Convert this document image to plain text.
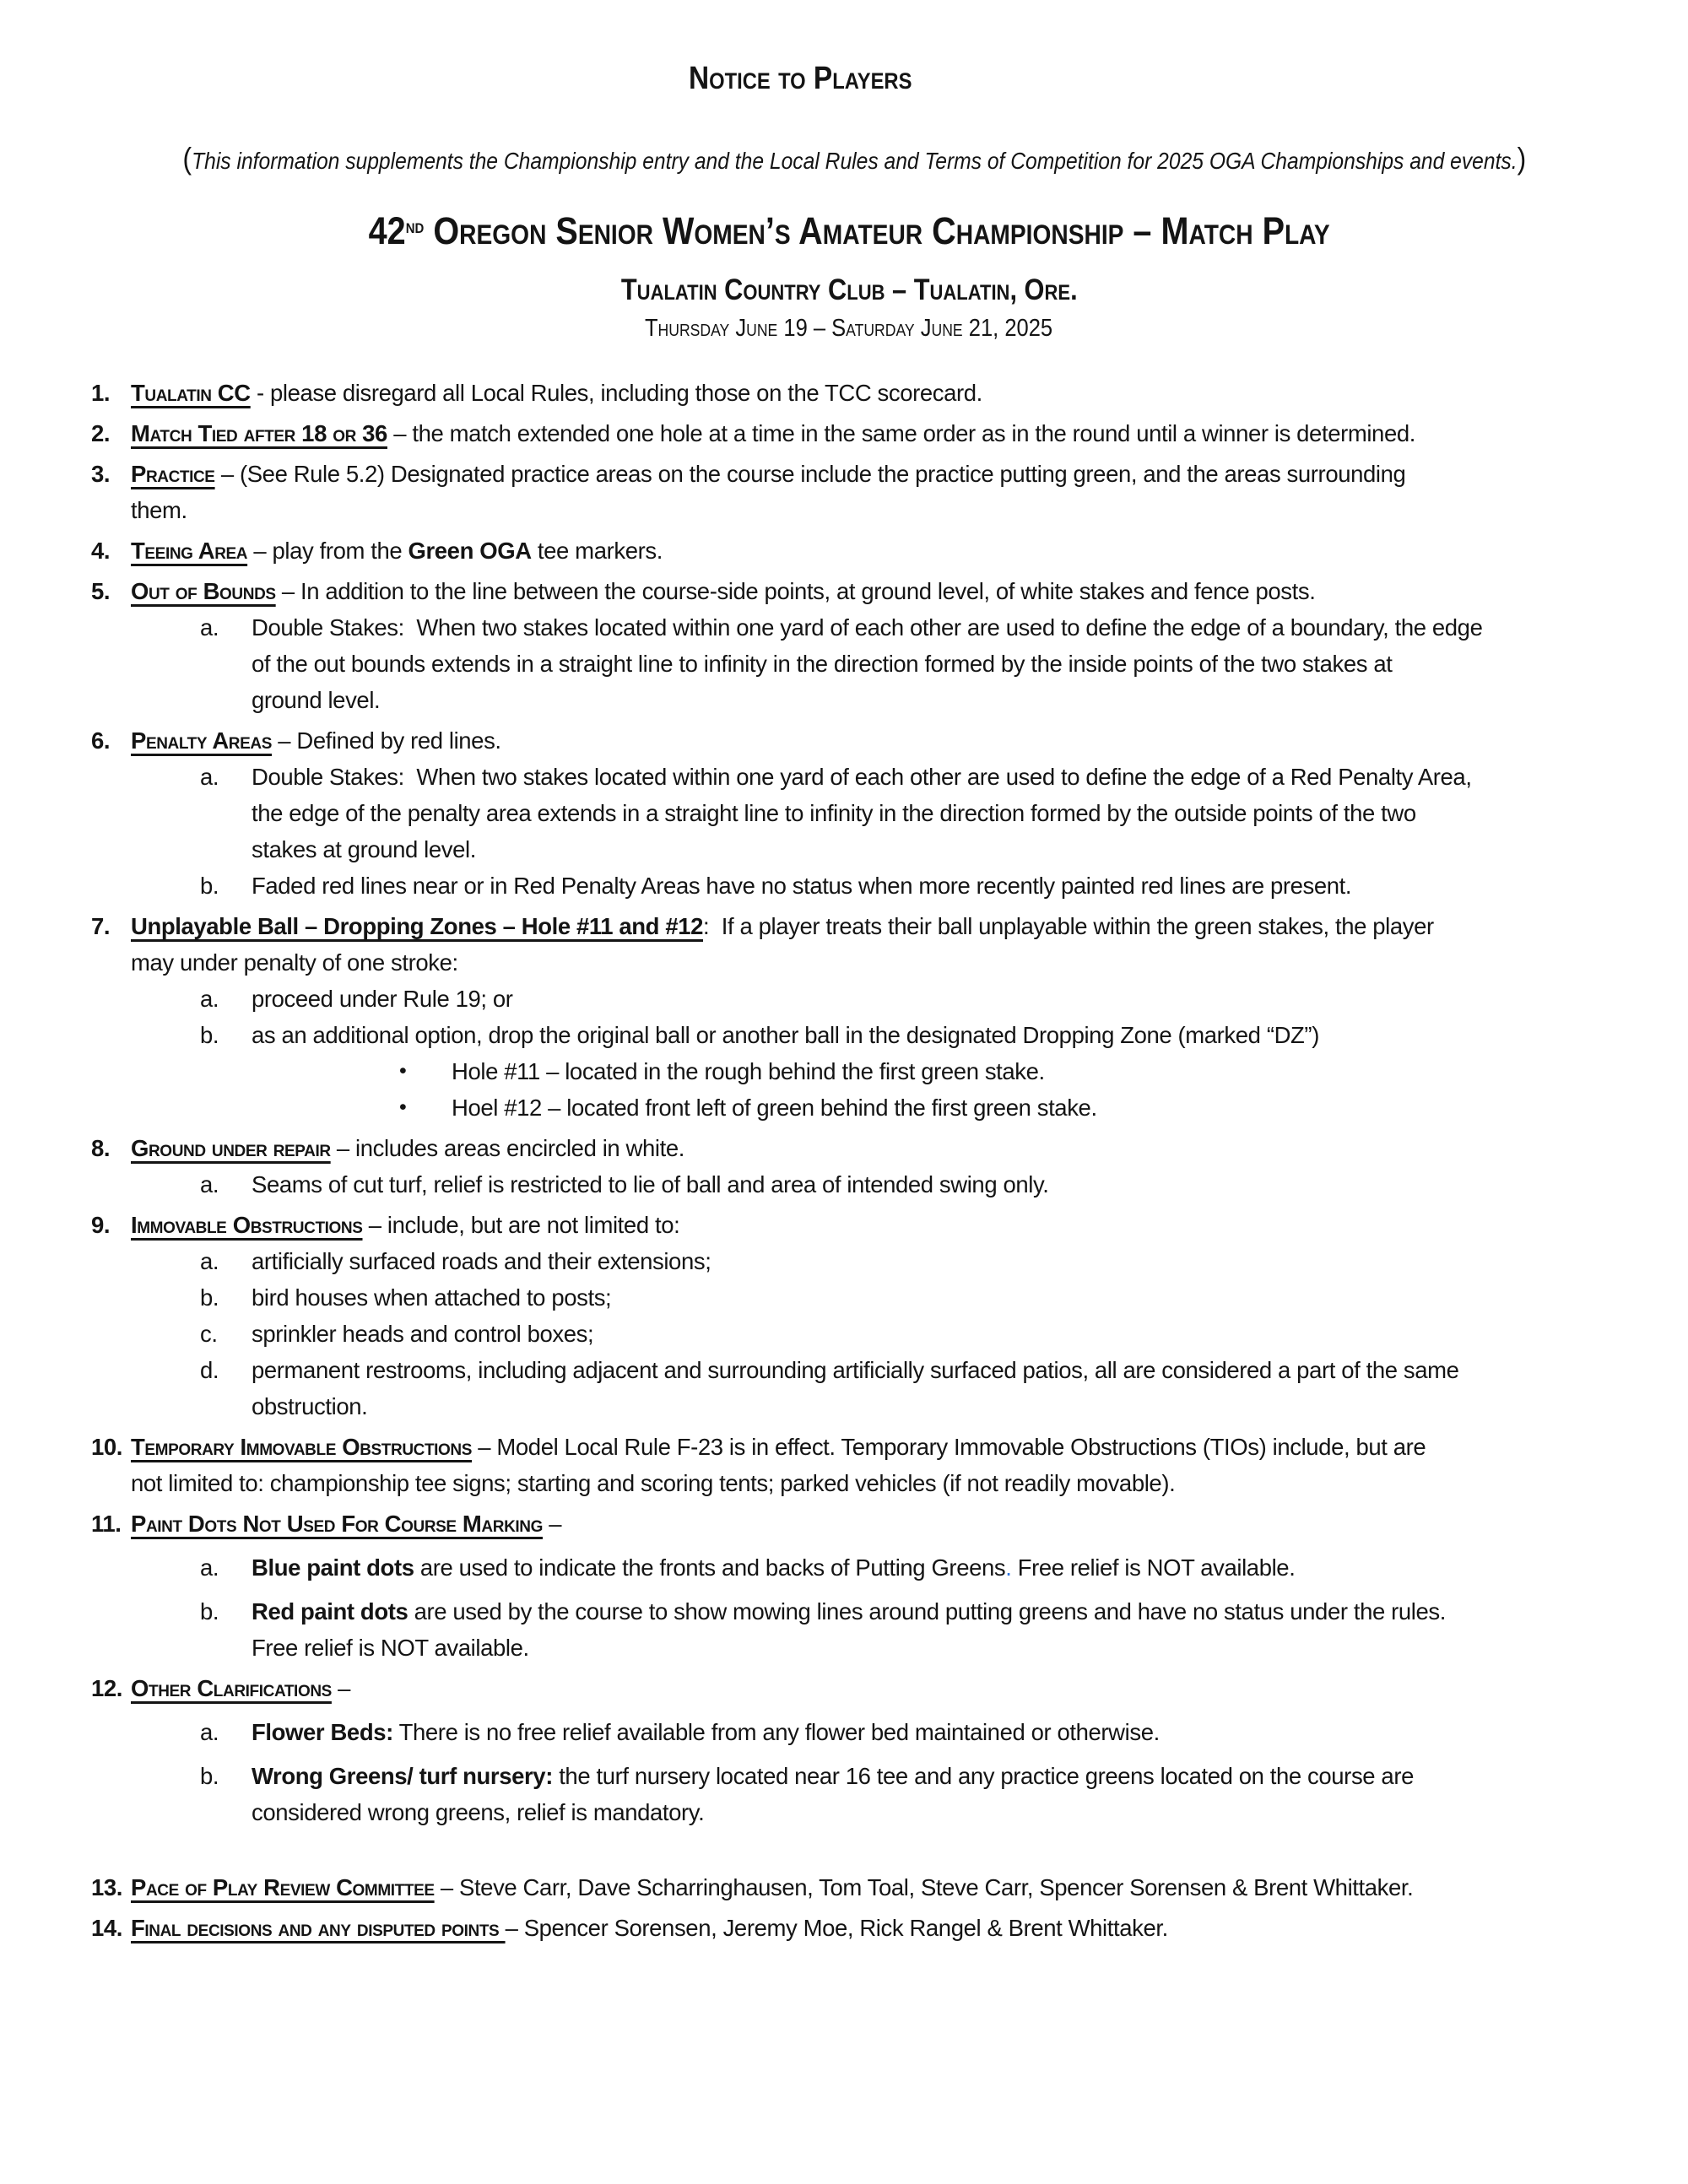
Notice to Players

(This information supplements the Championship entry and the Local Rules and Terms of Competition for 2025 OGA Championships and events.)

42nd Oregon Senior Women’s Amateur Championship – Match Play
Tualatin Country Club – Tualatin, Ore.
Thursday June 19 – Saturday June 21, 2025
1. Tualatin CC - please disregard all Local Rules, including those on the TCC scorecard.
2. Match Tied after 18 or 36 – the match extended one hole at a time in the same order as in the round until a winner is determined.
3. Practice – (See Rule 5.2) Designated practice areas on the course include the practice putting green, and the areas surrounding
them.
4. Teeing Area – play from the Green OGA tee markers.
5. Out of Bounds – In addition to the line between the course-side points, at ground level, of white stakes and fence posts.
a.	Double Stakes:  When two stakes located within one yard of each other are used to define the edge of a boundary, the edge
of the out bounds extends in a straight line to infinity in the direction formed by the inside points of the two stakes at
ground level.
6. Penalty Areas – Defined by red lines.
a.	Double Stakes:  When two stakes located within one yard of each other are used to define the edge of a Red Penalty Area,
the edge of the penalty area extends in a straight line to infinity in the direction formed by the outside points of the two
stakes at ground level.
b.	Faded red lines near or in Red Penalty Areas have no status when more recently painted red lines are present.
7. Unplayable Ball – Dropping Zones – Hole #11 and #12:  If a player treats their ball unplayable within the green stakes, the player
may under penalty of one stroke:
a.	proceed under Rule 19; or
b.	as an additional option, drop the original ball or another ball in the designated Dropping Zone (marked “DZ”)
•	Hole #11 – located in the rough behind the first green stake.
•	Hoel #12 – located front left of green behind the first green stake.
8. Ground under repair – includes areas encircled in white.
a.	Seams of cut turf, relief is restricted to lie of ball and area of intended swing only.
9. Immovable Obstructions – include, but are not limited to:
a.	artificially surfaced roads and their extensions;
b.	bird houses when attached to posts;
c.	sprinkler heads and control boxes;
d.	permanent restrooms, including adjacent and surrounding artificially surfaced patios, all are considered a part of the same
obstruction.
10. Temporary Immovable Obstructions – Model Local Rule F-23 is in effect. Temporary Immovable Obstructions (TIOs) include, but are
not limited to: championship tee signs; starting and scoring tents; parked vehicles (if not readily movable).
11. Paint Dots Not Used For Course Marking –
a.	Blue paint dots are used to indicate the fronts and backs of Putting Greens. Free relief is NOT available.
b.	Red paint dots are used by the course to show mowing lines around putting greens and have no status under the rules.
Free relief is NOT available.
12. Other Clarifications –
a.	Flower Beds: There is no free relief available from any flower bed maintained or otherwise.
b.	Wrong Greens/ turf nursery: the turf nursery located near 16 tee and any practice greens located on the course are
considered wrong greens, relief is mandatory.
13. Pace of Play Review Committee – Steve Carr, Dave Scharringhausen, Tom Toal, Steve Carr, Spencer Sorensen & Brent Whittaker.
14. Final decisions and any disputed points – Spencer Sorensen, Jeremy Moe, Rick Rangel & Brent Whittaker.
